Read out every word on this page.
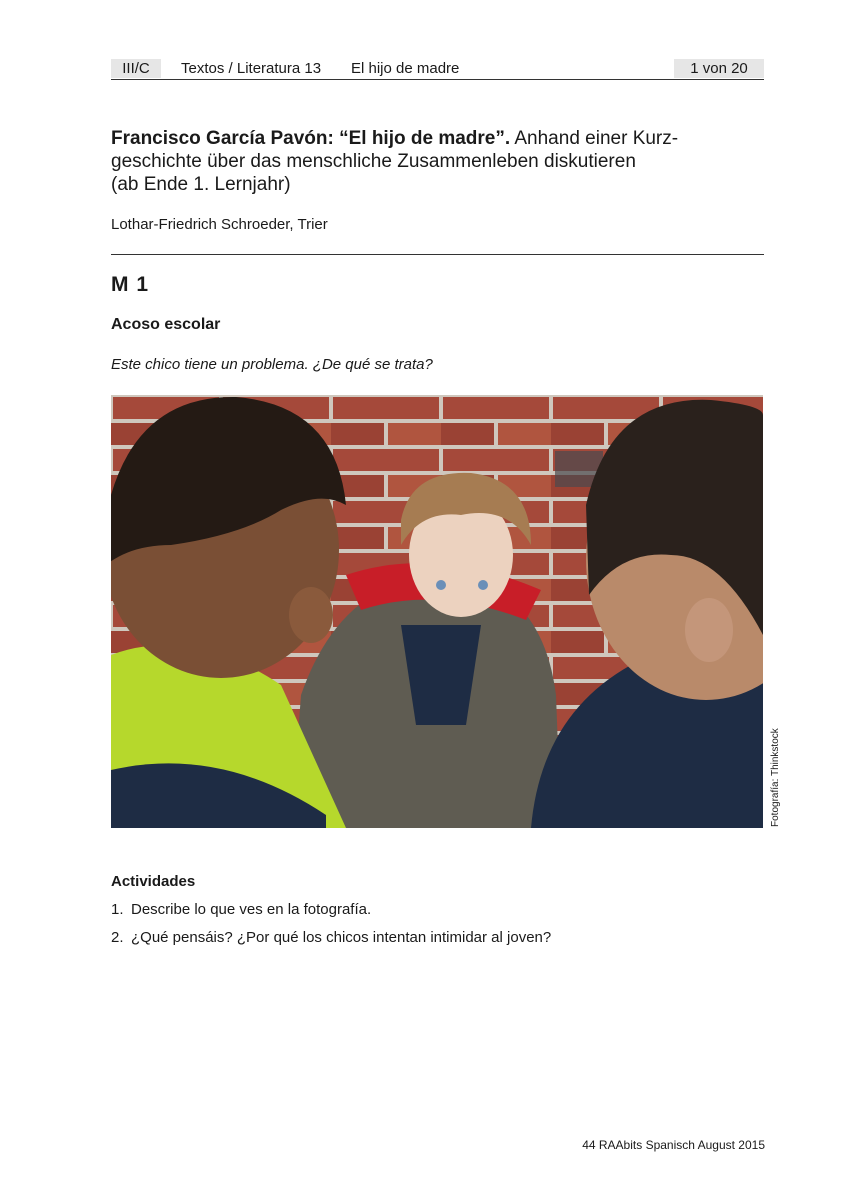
III/C	Textos / Literatura 13 El hijo de madre	1 von 20
Francisco García Pavón: “El hijo de madre”. Anhand einer Kurz-
geschichte über das menschliche Zusammenleben diskutieren
(ab Ende 1. Lernjahr)
Lothar-Friedrich Schroeder, Trier
M 1
Acoso escolar
Este chico tiene un problema. ¿De qué se trata?
Fotografía: Thinkstock
Actividades
1. Describe lo que ves en la fotografía.
2. ¿Qué pensáis? ¿Por qué los chicos intentan intimidar al joven?
44 RAAbits Spanisch August 2015
